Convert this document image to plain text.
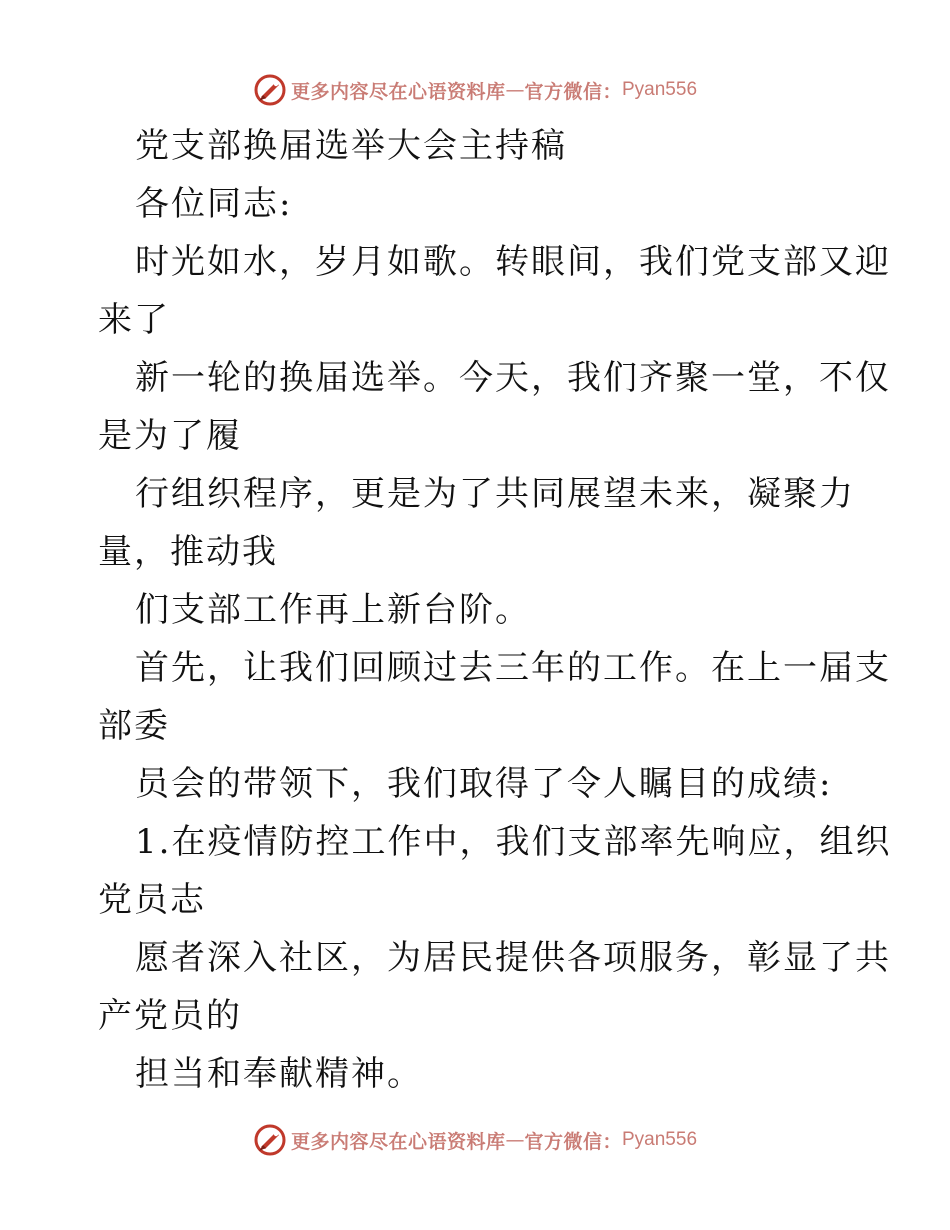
更多内容尽在心语资料库 — 官方微信： Pyan556
党支部换届选举大会主持稿
各位同志:
时光如水，岁月如歌。转眼间，我们党支部又迎
来了
新一轮的换届选举。今天，我们齐聚一堂，不仅
是为了履
行组织程序，更是为了共同展望未来，凝聚力
量，推动我
们支部工作再上新台阶。
首先，让我们回顾过去三年的工作。在上一届支
部委
员会的带领下，我们取得了令人瞩目的成绩:
1.在疫情防控工作中，我们支部率先响应，组织
党员志
愿者深入社区，为居民提供各项服务，彰显了共
产党员的
担当和奉献精神。
更多内容尽在心语资料库 — 官方微信： Pyan556
